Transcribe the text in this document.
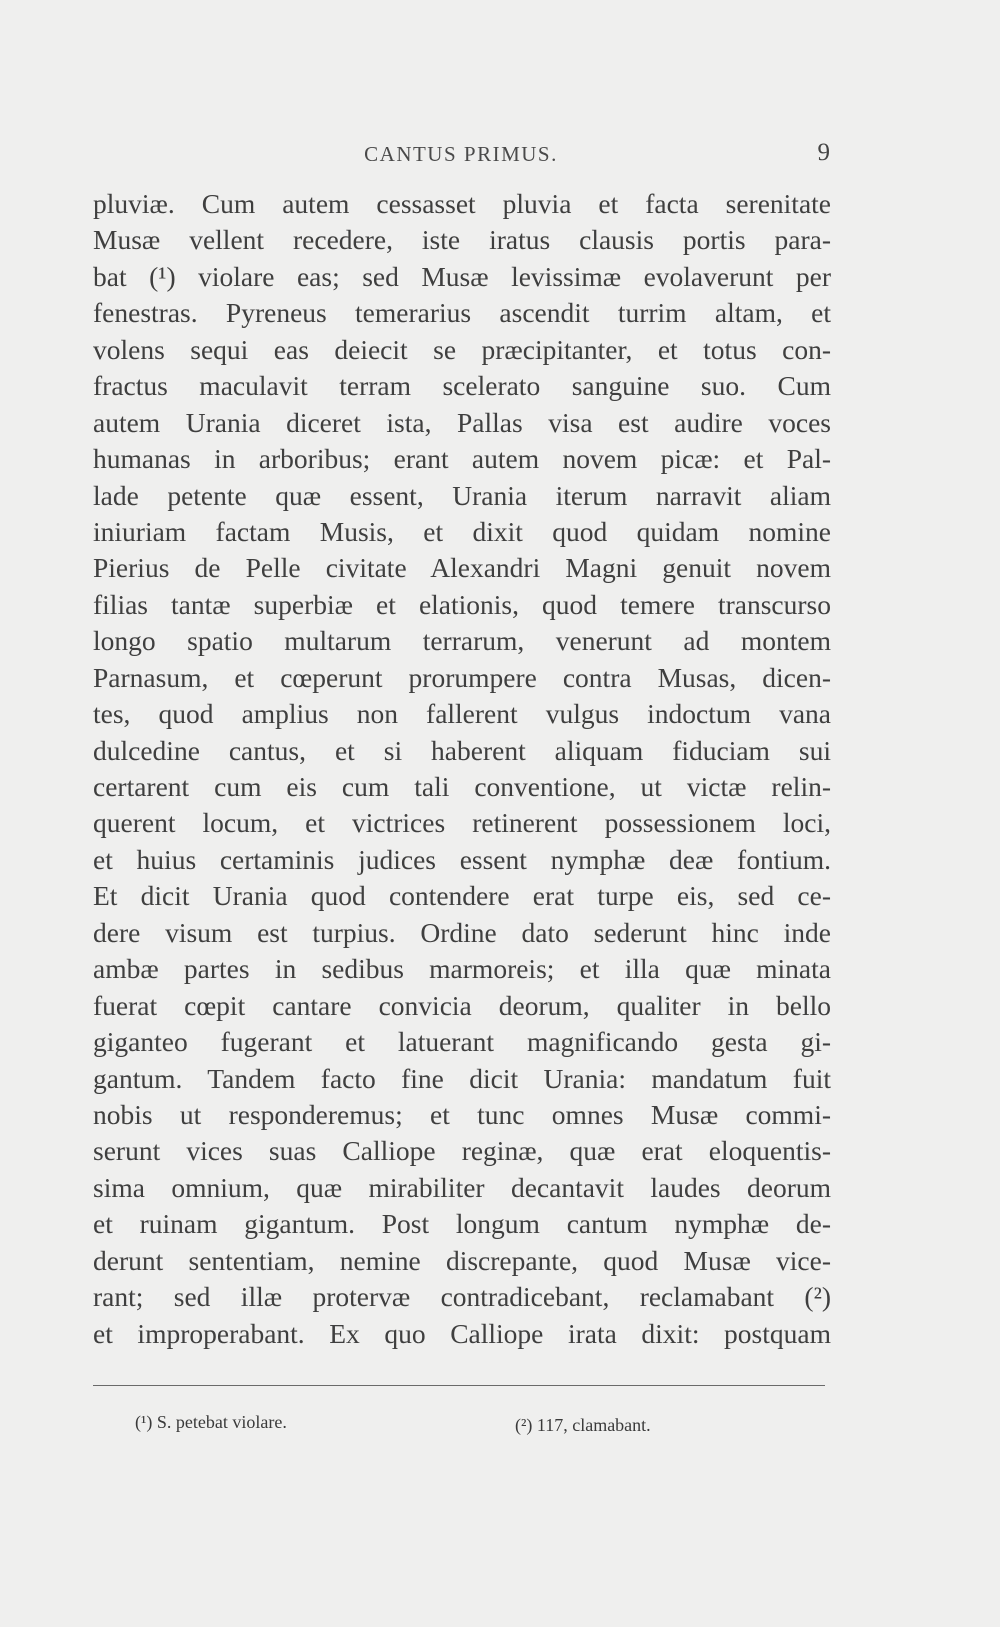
CANTUS PRIMUS.	9
pluviæ. Cum autem cessasset pluvia et facta serenitate
Musæ vellent recedere, iste iratus clausis portis para-
bat (¹) violare eas; sed Musæ levissimæ evolaverunt per
fenestras. Pyreneus temerarius ascendit turrim altam, et
volens sequi eas deiecit se præcipitanter, et totus con-
fractus maculavit terram scelerato sanguine suo. Cum
autem Urania diceret ista, Pallas visa est audire voces
humanas in arboribus; erant autem novem picæ: et Pal-
lade petente quæ essent, Urania iterum narravit aliam
iniuriam factam Musis, et dixit quod quidam nomine
Pierius de Pelle civitate Alexandri Magni genuit novem
filias tantæ superbiæ et elationis, quod temere transcurso
longo spatio multarum terrarum, venerunt ad montem
Parnasum, et cœperunt prorumpere contra Musas, dicen-
tes, quod amplius non fallerent vulgus indoctum vana
dulcedine cantus, et si haberent aliquam fiduciam sui
certarent cum eis cum tali conventione, ut victæ relin-
querent locum, et victrices retinerent possessionem loci,
et huius certaminis judices essent nymphæ deæ fontium.
Et dicit Urania quod contendere erat turpe eis, sed ce-
dere visum est turpius. Ordine dato sederunt hinc inde
ambæ partes in sedibus marmoreis; et illa quæ minata
fuerat cœpit cantare convicia deorum, qualiter in bello
giganteo fugerant et latuerant magnificando gesta gi-
gantum. Tandem facto fine dicit Urania: mandatum fuit
nobis ut responderemus; et tunc omnes Musæ commi-
serunt vices suas Calliope reginæ, quæ erat eloquentis-
sima omnium, quæ mirabiliter decantavit laudes deorum
et ruinam gigantum. Post longum cantum nymphæ de-
derunt sententiam, nemine discrepante, quod Musæ vice-
rant; sed illæ protervæ contradicebant, reclamabant (²)
et improperabant. Ex quo Calliope irata dixit: postquam
(¹) S. petebat violare.	(²) 117, clamabant.
